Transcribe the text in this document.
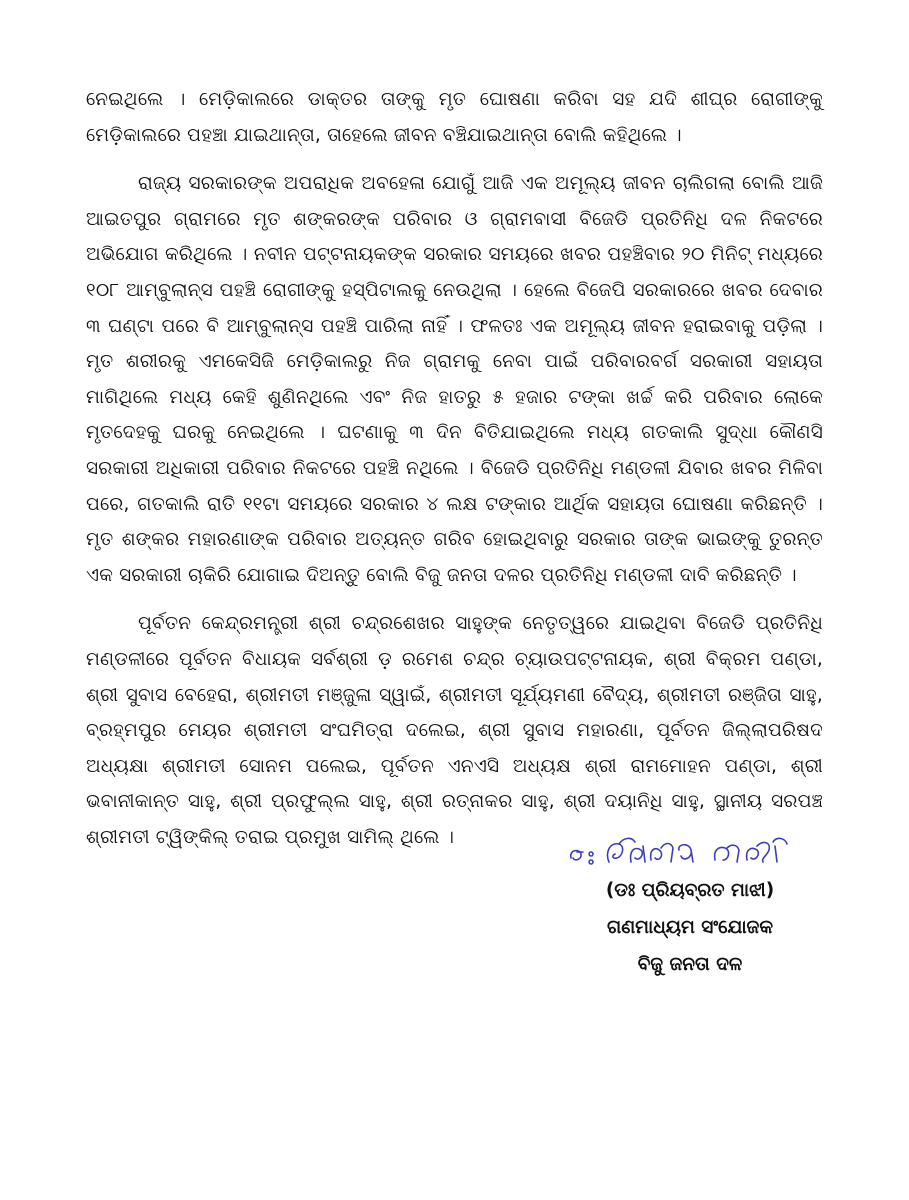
ନେଇଥିଲେ । ମେଡ଼ିକାଲରେ ଡାକ୍ତର ତାଙ୍କୁ ମୃତ ଘୋଷଣା କରିବା ସହ ଯଦି ଶୀଘ୍ର ରୋଗୀଙ୍କୁ ମେଡ଼ିକାଲରେ ପହଞ୍ଚା ଯାଇଥାନ୍ତା, ତାହେଲେ ଜୀବନ ବଞ୍ଚିଯାଇଥାନ୍ତା ବୋଲି କହିଥିଲେ ।

ରାଜ୍ୟ ସରକାରଙ୍କ ଅପରାଧିକ ଅବହେଳା ଯୋଗୁଁ ଆଜି ଏକ ଅମୂଲ୍ୟ ଜୀବନ ଚାଲିଗଲା ବୋଲି ଆଜି ଆଇତପୁର ଗ୍ରାମରେ ମୃତ ଶଙ୍କରଙ୍କ ପରିବାର ଓ ଗ୍ରାମବାସୀ ବିଜେଡି ପ୍ରତିନିଧି ଦଳ ନିକଟରେ ଅଭିଯୋଗ କରିଥିଲେ । ନବୀନ ପଟ୍ଟନାୟକଙ୍କ ସରକାର ସମୟରେ ଖବର ପହଞ୍ଚିବାର ୨୦ ମିନିଟ୍ ମଧ୍ୟରେ ୧୦୮ ଆମ୍ବୁଲାନ୍ସ ପହଞ୍ଚି ରୋଗୀଙ୍କୁ ହସ୍ପିଟାଲକୁ ନେଉଥିଲା । ହେଲେ ବିଜେପି ସରକାରରେ ଖବର ଦେବାର ୩ ଘଣ୍ଟା ପରେ ବି ଆମ୍ବୁଲାନ୍ସ ପହଞ୍ଚି ପାରିଲା ନାହିଁ । ଫଳତଃ ଏକ ଅମୂଲ୍ୟ ଜୀବନ ହରାଇବାକୁ ପଡ଼ିଲା । ମୃତ ଶରୀରକୁ ଏମକେସିଜି ମେଡ଼ିକାଲରୁ ନିଜ ଗ୍ରାମକୁ ନେବା ପାଇଁ ପରିବାରବର୍ଗ ସରକାରୀ ସହାୟତା ମାଗିଥିଲେ ମଧ୍ୟ କେହି ଶୁଣିନଥିଲେ ଏବଂ ନିଜ ହାତରୁ ୫ ହଜାର ଟଙ୍କା ଖର୍ଚ୍ଚ କରି ପରିବାର ଲୋକେ ମୃତଦେହକୁ ଘରକୁ ନେଇଥିଲେ । ଘଟଣାକୁ ୩ ଦିନ ବିତିଯାଇଥିଲେ ମଧ୍ୟ ଗତକାଲି ସୁଦ୍ଧା କୌଣସି ସରକାରୀ ଅଧିକାରୀ ପରିବାର ନିକଟରେ ପହଞ୍ଚି ନଥିଲେ । ବିଜେଡି ପ୍ରତିନିଧି ମଣ୍ଡଳୀ ଯିବାର ଖବର ମିଳିବା ପରେ, ଗତକାଲି ରାତି ୧୧ଟା ସମୟରେ ସରକାର ୪ ଲକ୍ଷ ଟଙ୍କାର ଆର୍ଥିକ ସହାୟତା ଘୋଷଣା କରିଛନ୍ତି । ମୃତ ଶଙ୍କର ମହାରଣାଙ୍କ ପରିବାର ଅତ୍ୟନ୍ତ ଗରିବ ହୋଇଥିବାରୁ ସରକାର ତାଙ୍କ ଭାଇଙ୍କୁ ତୁରନ୍ତ ଏକ ସରକାରୀ ଚାକିରି ଯୋଗାଇ ଦିଅନ୍ତୁ ବୋଲି ବିଜୁ ଜନତା ଦଳର ପ୍ରତିନିଧି ମଣ୍ଡଳୀ ଦାବି କରିଛନ୍ତି ।

ପୂର୍ବତନ କେନ୍ଦ୍ରମନ୍ତ୍ରୀ ଶ୍ରୀ ଚନ୍ଦ୍ରଶେଖର ସାହୁଙ୍କ ନେତୃତ୍ୱରେ ଯାଇଥିବା ବିଜେଡି ପ୍ରତିନିଧି ମଣ୍ଡଳୀରେ ପୂର୍ବତନ ବିଧାୟକ ସର୍ବଶ୍ରୀ ଡ଼ ରମେଶ ଚନ୍ଦ୍ର ଚ୍ୟାଉପଟ୍ଟନାୟକ, ଶ୍ରୀ ବିକ୍ରମ ପଣ୍ଡା, ଶ୍ରୀ ସୁବାସ ବେହେରା, ଶ୍ରୀମତୀ ମଞ୍ଜୁଳା ସ୍ୱାଇଁ, ଶ୍ରୀମତୀ ସୂର୍ଯ୍ୟମଣୀ ବୈଦ୍ୟ, ଶ୍ରୀମତୀ ରଞ୍ଜିତା ସାହୁ, ବ୍ରହ୍ମପୁର ମେୟର ଶ୍ରୀମତୀ ସଂଘମିତ୍ରା ଦଲେଇ, ଶ୍ରୀ ସୁବାସ ମହାରଣା, ପୂର୍ବତନ ଜିଲ୍ଲାପରିଷଦ ଅଧ୍ୟକ୍ଷା ଶ୍ରୀମତୀ ସୋନମ ପଲେଇ, ପୂର୍ବତନ ଏନଏସି ଅଧ୍ୟକ୍ଷ ଶ୍ରୀ ରାମମୋହନ ପଣ୍ଡା, ଶ୍ରୀ ଭବାନୀକାନ୍ତ ସାହୁ, ଶ୍ରୀ ପ୍ରଫୁଲ୍ଲ ସାହୁ, ଶ୍ରୀ ରତ୍ନାକର ସାହୁ, ଶ୍ରୀ ଦୟାନିଧି ସାହୁ, ସ୍ଥାନୀୟ ସରପଞ୍ଚ ଶ୍ରୀମତୀ ଟ୍ୱିଙ୍କିଲ୍ ତରାଇ ପ୍ରମୁଖ ସାମିଲ୍ ଥିଲେ ।

(ଡଃ ପ୍ରିୟବ୍ରତ ମାଝୀ)
ଗଣମାଧ୍ୟମ ସଂଯୋଜକ
ବିଜୁ ଜନତା ଦଳ
